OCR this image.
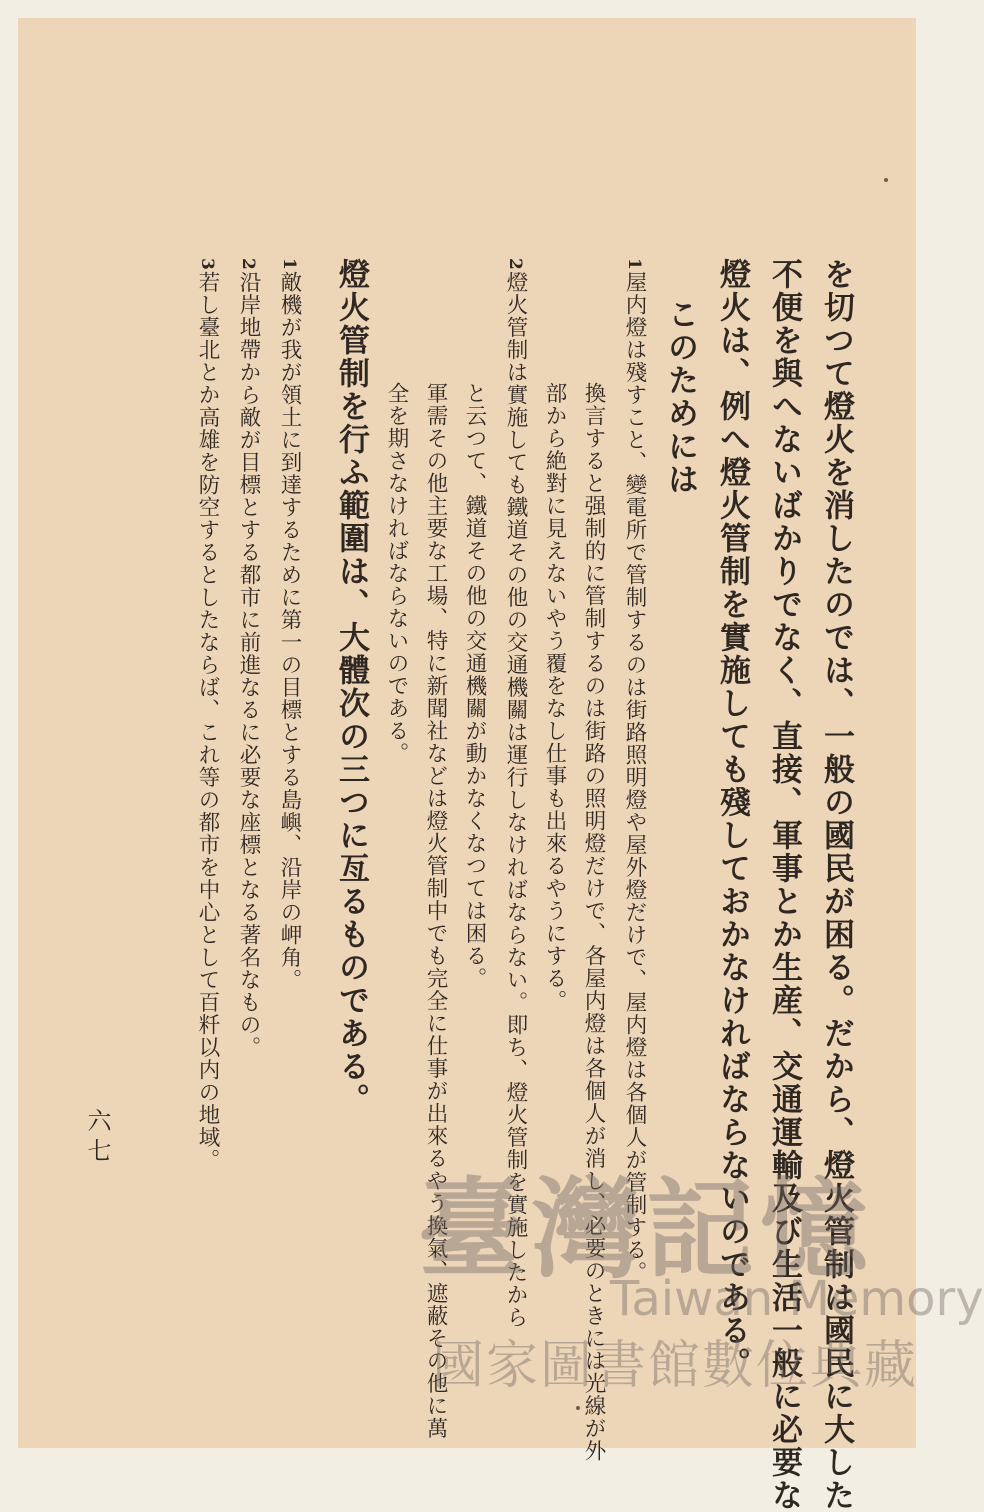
を切つて燈火を消したのでは、一般の國民が困る。だから、燈火管制は國民に大した
不便を與へないばかりでなく、直接、軍事とか生産、交通運輸及び生活一般に必要な
燈火は、例へ燈火管制を實施しても殘しておかなければならないのである。
このためには
1屋内燈は殘すこと、變電所で管制するのは街路照明燈や屋外燈だけで、屋内燈は各個人が管制する。
換言すると强制的に管制するのは街路の照明燈だけで、各屋内燈は各個人が消し、必要のときには光線が外
部から絶對に見えないやう覆をなし仕事も出來るやうにする。
2燈火管制は實施しても鐵道その他の交通機關は運行しなければならない。即ち、燈火管制を實施したから
と云つて、鐵道その他の交通機關が動かなくなつては困る。
軍需その他主要な工場、特に新聞社などは燈火管制中でも完全に仕事が出來るやう換氣、遮蔽その他に萬
全を期さなければならないのである。
燈火管制を行ふ範圍は、大體次の三つに亙るものである。
1敵機が我が領土に到達するために第一の目標とする島嶼、沿岸の岬角。
2沿岸地帶から敵が目標とする都市に前進なるに必要な座標となる著名なもの。
3若し臺北とか高雄を防空するとしたならば、これ等の都市を中心として百粁以内の地域。
六七
臺灣記憶
Taiwan Memory
國家圖書館數位典藏
